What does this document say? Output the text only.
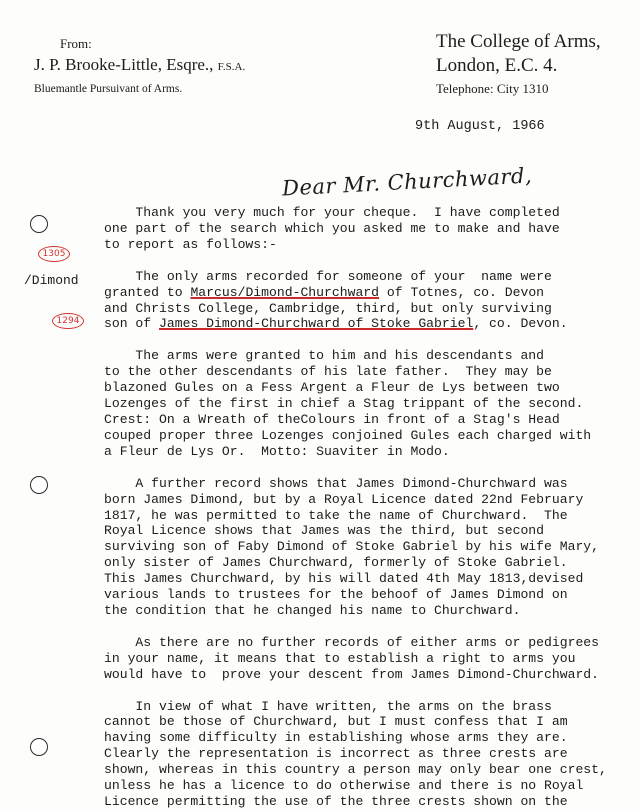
From:
J. P. Brooke-Little, Esqre., F.S.A.
Bluemantle Pursuivant of Arms.
The College of Arms,
London, E.C. 4.
Telephone: City 1310
9th August, 1966
Dear Mr. Churchward,
1305
/Dimond
1294

Thank you very much for your cheque.  I have completed

one part of the search which you asked me to make and have

to report as follows:-

The only arms recorded for someone of your  name were

granted to Marcus/Dimond-Churchward of Totnes, co. Devon

and Christs College, Cambridge, third, but only surviving

son of James Dimond-Churchward of Stoke Gabriel, co. Devon.

The arms were granted to him and his descendants and

to the other descendants of his late father.  They may be

blazoned Gules on a Fess Argent a Fleur de Lys between two

Lozenges of the first in chief a Stag trippant of the second.

Crest: On a Wreath of theColours in front of a Stag's Head

couped proper three Lozenges conjoined Gules each charged with

a Fleur de Lys Or.  Motto: Suaviter in Modo.

A further record shows that James Dimond-Churchward was

born James Dimond, but by a Royal Licence dated 22nd February

1817, he was permitted to take the name of Churchward.  The

Royal Licence shows that James was the third, but second

surviving son of Faby Dimond of Stoke Gabriel by his wife Mary,

only sister of James Churchward, formerly of Stoke Gabriel.

This James Churchward, by his will dated 4th May 1813,devised

various lands to trustees for the behoof of James Dimond on

the condition that he changed his name to Churchward.

As there are no further records of either arms or pedigrees

in your name, it means that to establish a right to arms you

would have to  prove your descent from James Dimond-Churchward.

In view of what I have written, the arms on the brass

cannot be those of Churchward, but I must confess that I am

having some difficulty in establishing whose arms they are.

Clearly the representation is incorrect as three crests are

shown, whereas in this country a person may only bear one crest,

unless he has a licence to do otherwise and there is no Royal

Licence permitting the use of the three crests shown on the
